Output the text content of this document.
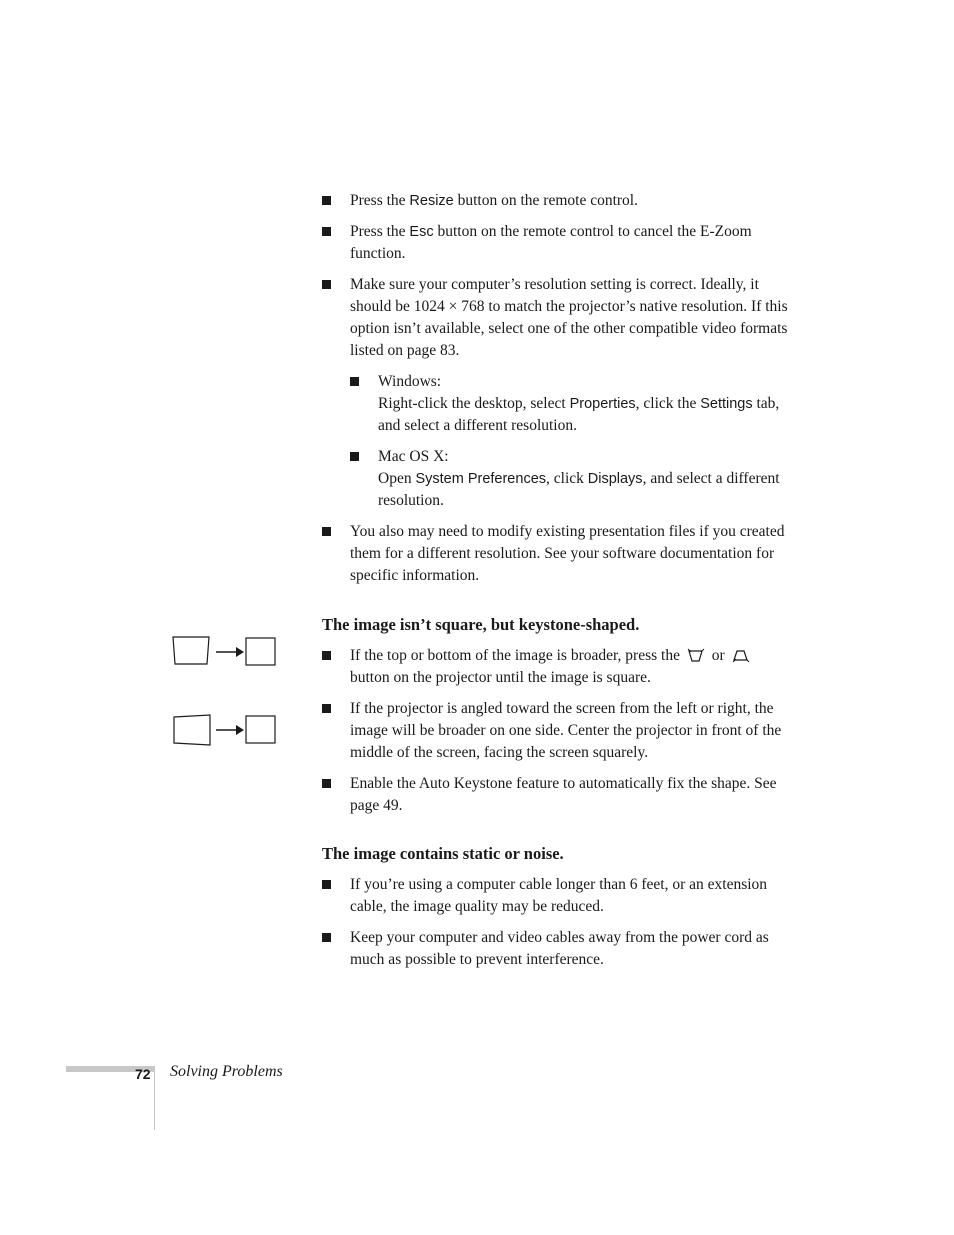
Press the Resize button on the remote control.
Press the Esc button on the remote control to cancel the E-Zoom function.
Make sure your computer’s resolution setting is correct. Ideally, it should be 1024 × 768 to match the projector’s native resolution. If this option isn’t available, select one of the other compatible video formats listed on page 83.
Windows:
Right-click the desktop, select Properties, click the Settings tab, and select a different resolution.
Mac OS X:
Open System Preferences, click Displays, and select a different resolution.
You also may need to modify existing presentation files if you created them for a different resolution. See your software documentation for specific information.
The image isn’t square, but keystone-shaped.
If the top or bottom of the image is broader, press the  or  button on the projector until the image is square.
If the projector is angled toward the screen from the left or right, the image will be broader on one side. Center the projector in front of the middle of the screen, facing the screen squarely.
Enable the Auto Keystone feature to automatically fix the shape. See page 49.
The image contains static or noise.
If you’re using a computer cable longer than 6 feet, or an extension cable, the image quality may be reduced.
Keep your computer and video cables away from the power cord as much as possible to prevent interference.
72 Solving Problems
